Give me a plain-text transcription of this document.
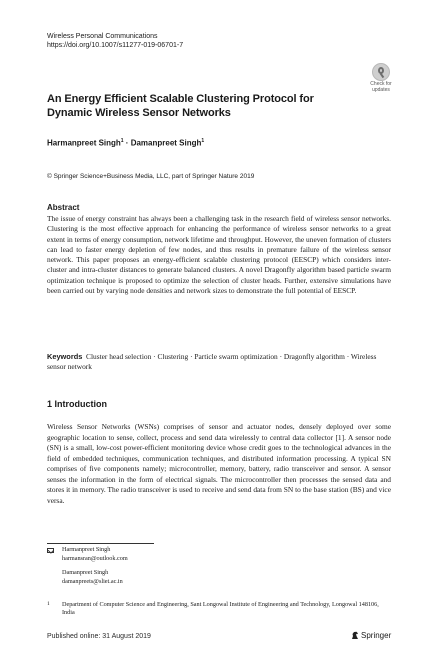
Wireless Personal Communications
https://doi.org/10.1007/s11277-019-06701-7
Check for
updates
An Energy Efficient Scalable Clustering Protocol for Dynamic Wireless Sensor Networks
Harmanpreet Singh$^1$ · Damanpreet Singh$^1$
© Springer Science+Business Media, LLC, part of Springer Nature 2019
Abstract
The issue of energy constraint has always been a challenging task in the research field of wireless sensor networks. Clustering is the most effective approach for enhancing the performance of wireless sensor networks to a great extent in terms of energy consumption, network lifetime and throughput. However, the uneven formation of clusters can lead to faster energy depletion of few nodes, and thus results in premature failure of the wireless sensor network. This paper proposes an energy-efficient scalable clustering protocol (EESCP) which considers inter-cluster and intra-cluster distances to generate balanced clusters. A novel Dragonfly algorithm based particle swarm optimization technique is proposed to optimize the selection of cluster heads. Further, extensive simulations have been carried out by varying node densities and network sizes to demonstrate the full potential of EESCP.
Keywords Cluster head selection · Clustering · Particle swarm optimization · Dragonfly algorithm · Wireless sensor network
1 Introduction
Wireless Sensor Networks (WSNs) comprises of sensor and actuator nodes, densely deployed over some geographic location to sense, collect, process and send data wirelessly to central data collector [1]. A sensor node (SN) is a small, low-cost power-efficient monitoring device whose credit goes to the technological advances in the field of embedded techniques, communication techniques, and distributed information processing. A typical SN comprises of five components namely; microcontroller, memory, battery, radio transceiver and sensor. A sensor senses the information in the form of electrical signals. The microcontroller then processes the sensed data and stores it in memory. The radio transceiver is used to receive and send data from SN to the base station (BS) and vice versa.
Harmanpreet Singh
harmansran@outlook.com
Damanpreet Singh
damanpreets@sliet.ac.in
1 Department of Computer Science and Engineering, Sant Longowal Institute of Engineering and Technology, Longowal 148106, India
Published online: 31 August 2019	Springer
